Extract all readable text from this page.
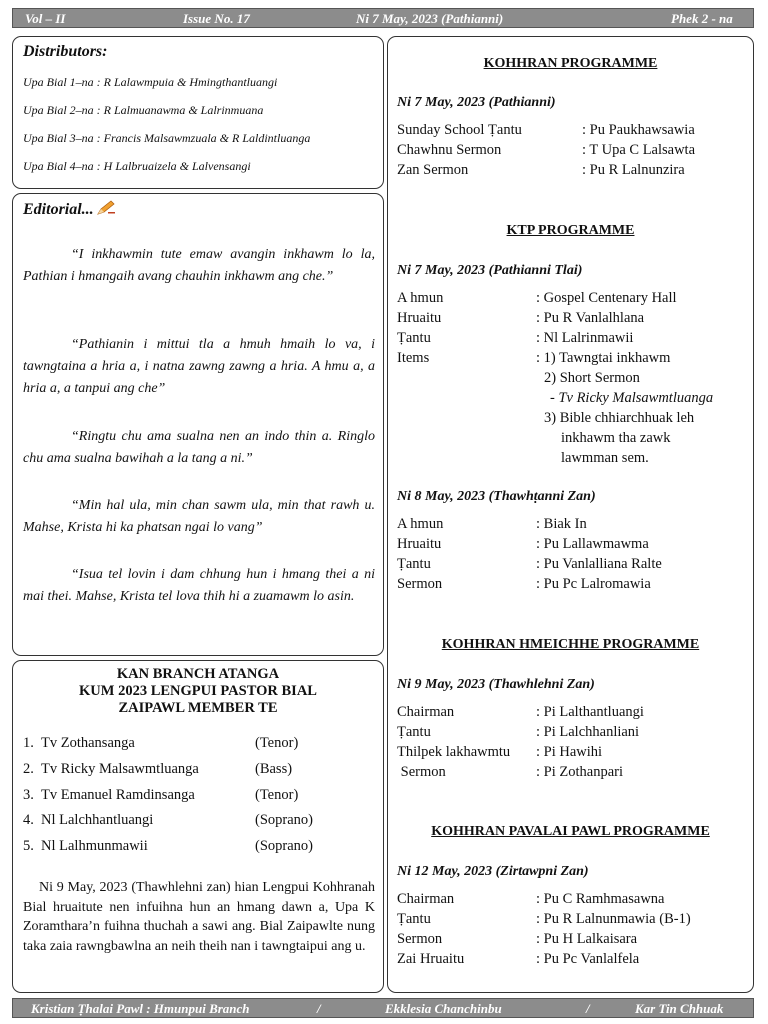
Vol – II	Issue No. 17	Ni 7 May, 2023 (Pathianni)	Phek 2 - na
Distributors:
Upa Bial 1–na : R Lalawmpuia & Hmingthantluangi
Upa Bial 2–na : R Lalmuanawma & Lalrinmuana
Upa Bial 3–na : Francis Malsawmzuala & R Laldintluanga
Upa Bial 4–na : H Lalbruaizela & Lalvensangi
Editorial...

“I inkhawmin tute emaw avangin inkhawm lo la, Pathian i hmangaih avang chauhin inkhawm ang che.”

“Pathianin i mittui tla a hmuh hmaih lo va, i tawngtaina a hria a, i natna zawng zawng a hria. A hmu a, a hria a, a tanpui ang che”

“Ringtu chu ama sualna nen an indo thin a. Ringlo chu ama sualna bawihah a la tang a ni.”

“Min hal ula, min chan sawm ula, min that rawh u. Mahse, Krista hi ka phatsan ngai lo vang”

“Isua tel lovin i dam chhung hun i hmang thei a ni mai thei. Mahse, Krista tel lova thih hi a zuamawm lo asin.

KAN BRANCH ATANGA
KUM 2023 LENGPUI PASTOR BIAL
ZAIPAWL MEMBER TE
1. Tv Zothansanga	(Tenor)
2. Tv Ricky Malsawmtluanga	(Bass)
3. Tv Emanuel Ramdinsanga	(Tenor)
4. Nl Lalchhantluangi	(Soprano)
5. Nl Lalhmunmawii	(Soprano)

Ni 9 May, 2023 (Thawhlehni zan) hian Lengpui Kohhranah Bial hruaitute nen infuihna hun an hmang dawn a, Upa K Zoramthara’n fuihna thuchah a sawi ang. Bial Zaipawlte nung taka zaia rawngbawlna an neih theih nan i tawngtaipui ang u.

KOHHRAN PROGRAMME
Ni 7 May, 2023 (Pathianni)
Sunday School Ṭantu	: Pu Paukhawsawia
Chawhnu Sermon	: T Upa C Lalsawta
Zan Sermon	: Pu R Lalnunzira
KTP PROGRAMME
Ni 7 May, 2023 (Pathianni Tlai)
A hmun	: Gospel Centenary Hall
Hruaitu	: Pu R Vanlalhlana
Ṭantu	: Nl Lalrinmawii
Items	: 1) Tawngtai inkhawm
2) Short Sermon
- Tv Ricky Malsawmtluanga
3) Bible chhiarchhuak leh
inkhawm tha zawk
lawmman sem.
Ni 8 May, 2023 (Thawhṭanni Zan)
A hmun	: Biak In
Hruaitu	: Pu Lallawmawma
Ṭantu	: Pu Vanlalliana Ralte
Sermon	: Pu Pc Lalromawia
KOHHRAN HMEICHHE PROGRAMME
Ni 9 May, 2023 (Thawhlehni Zan)
Chairman	: Pi Lalthantluangi
Ṭantu	: Pi Lalchhanliani
Thilpek lakhawmtu : Pi Hawihi
Sermon	: Pi Zothanpari
KOHHRAN PAVALAI PAWL PROGRAMME
Ni 12 May, 2023 (Zirtawpni Zan)
Chairman	: Pu C Ramhmasawna
Ṭantu	: Pu R Lalnunmawia (B-1)
Sermon	: Pu H Lalkaisara
Zai Hruaitu	: Pu Pc Vanlalfela
Kristian Ṭhalai Pawl : Hmunpui Branch	/	Ekklesia Chanchinbu	/	Kar Tin Chhuak
